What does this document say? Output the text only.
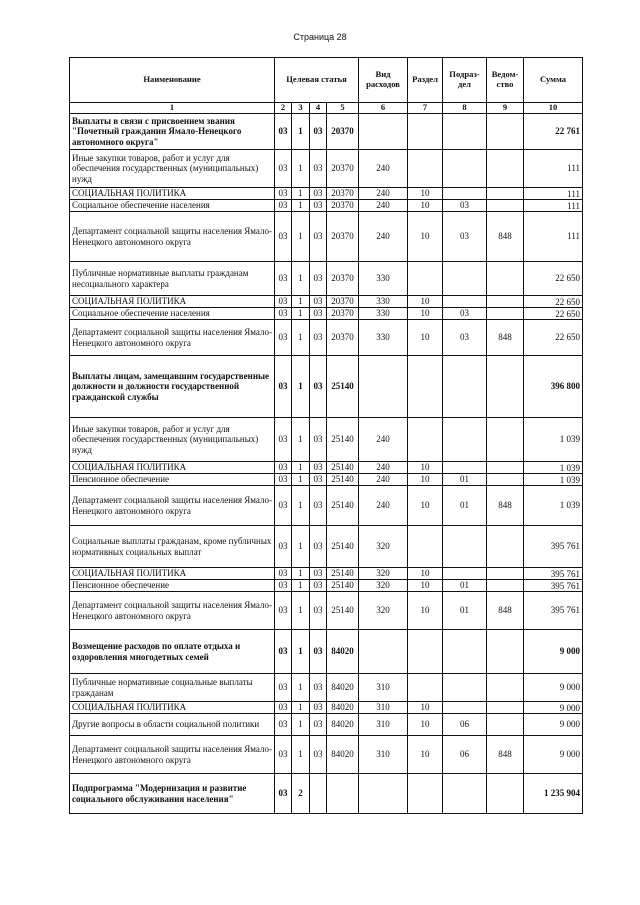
Страница 28
Наименование	Целевая статья				Вид расходов	Раздел	Подраз-дел	Ведом-ство	Сумма
1	2	3	4	5	6	7	8	9	10
Выплаты в связи с присвоением звания "Почетный гражданин Ямало-Ненецкого автономного округа"	03	1	03	20370					22 761
Иные закупки товаров, работ и услуг для обеспечения государственных (муниципальных) нужд	03	1	03	20370	240				111
СОЦИАЛЬНАЯ ПОЛИТИКА	03	1	03	20370	240	10			111
Социальное обеспечение населения	03	1	03	20370	240	10	03		111
Департамент социальной защиты населения Ямало-Ненецкого автономного округа	03	1	03	20370	240	10	03	848	111
Публичные нормативные выплаты гражданам несоциального характера	03	1	03	20370	330				22 650
СОЦИАЛЬНАЯ ПОЛИТИКА	03	1	03	20370	330	10			22 650
Социальное обеспечение населения	03	1	03	20370	330	10	03		22 650
Департамент социальной защиты населения Ямало-Ненецкого автономного округа	03	1	03	20370	330	10	03	848	22 650
Выплаты лицам, замещавшим государственные должности и должности государственной гражданской службы	03	1	03	25140					396 800
Иные закупки товаров, работ и услуг для обеспечения государственных (муниципальных) нужд	03	1	03	25140	240				1 039
СОЦИАЛЬНАЯ ПОЛИТИКА	03	1	03	25140	240	10			1 039
Пенсионное обеспечение	03	1	03	25140	240	10	01		1 039
Департамент социальной защиты населения Ямало-Ненецкого автономного округа	03	1	03	25140	240	10	01	848	1 039
Социальные выплаты гражданам, кроме публичных нормативных социальных выплат	03	1	03	25140	320				395 761
СОЦИАЛЬНАЯ ПОЛИТИКА	03	1	03	25140	320	10			395 761
Пенсионное обеспечение	03	1	03	25140	320	10	01		395 761
Департамент социальной защиты населения Ямало-Ненецкого автономного округа	03	1	03	25140	320	10	01	848	395 761
Возмещение расходов по оплате отдыха и оздоровления многодетных семей	03	1	03	84020					9 000
Публичные нормативные социальные выплаты гражданам	03	1	03	84020	310				9 000
СОЦИАЛЬНАЯ ПОЛИТИКА	03	1	03	84020	310	10			9 000
Другие вопросы в области социальной политики	03	1	03	84020	310	10	06		9 000
Департамент социальной защиты населения Ямало-Ненецкого автономного округа	03	1	03	84020	310	10	06	848	9 000
Подпрограмма "Модернизация и развитие социального обслуживания населения"	03	2							1 235 904
